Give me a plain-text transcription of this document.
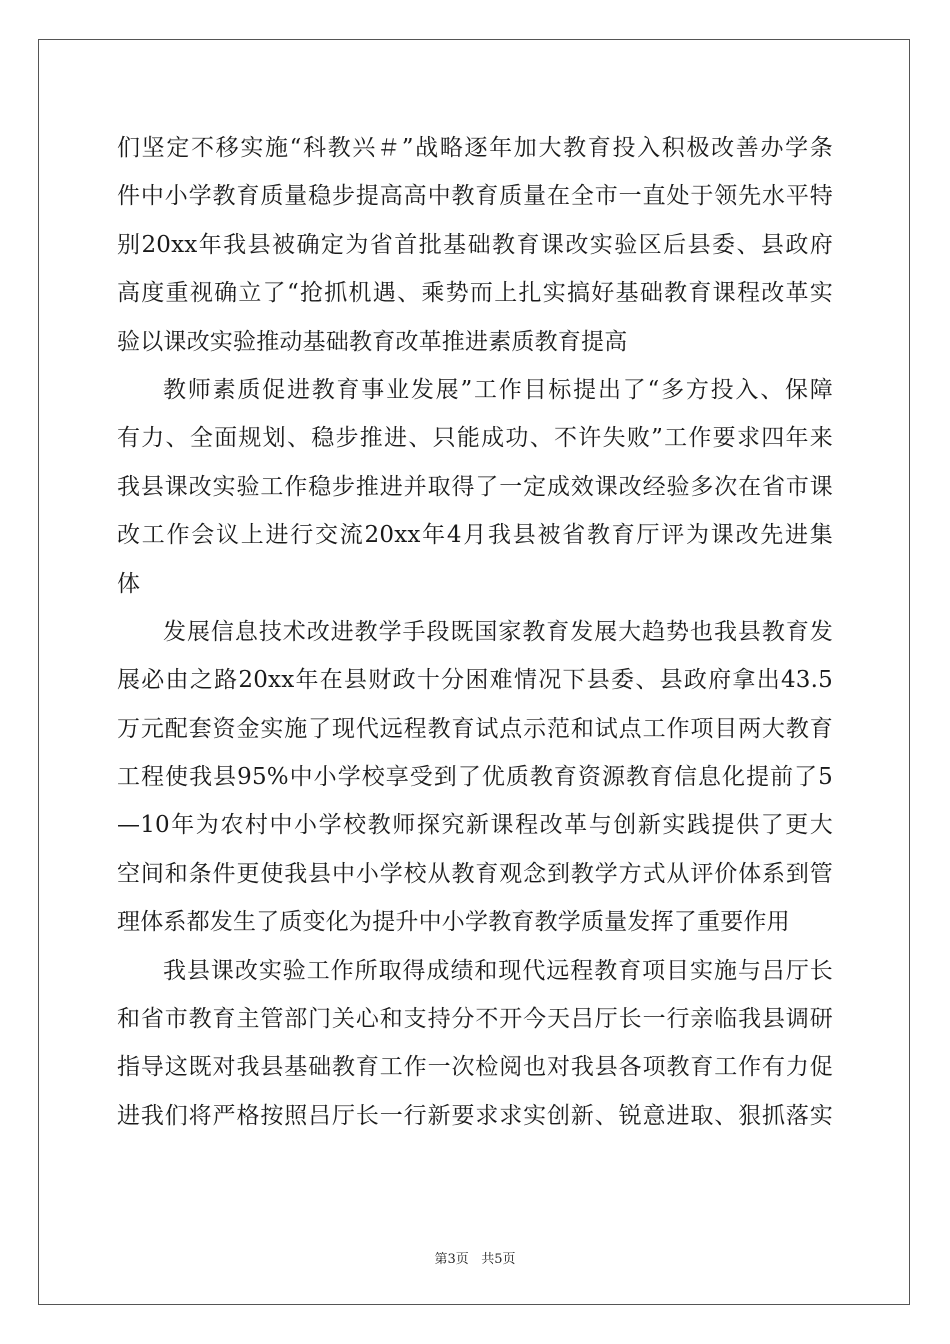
们坚定不移实施“科教兴＃”战略逐年加大教育投入积极改善办学条
件中小学教育质量稳步提高高中教育质量在全市一直处于领先水平特
别20xx年我县被确定为省首批基础教育课改实验区后县委、县政府
高度重视确立了“抢抓机遇、乘势而上扎实搞好基础教育课程改革实
验以课改实验推动基础教育改革推进素质教育提高
教师素质促进教育事业发展”工作目标提出了“多方投入、保障
有力、全面规划、稳步推进、只能成功、不许失败”工作要求四年来
我县课改实验工作稳步推进并取得了一定成效课改经验多次在省市课
改工作会议上进行交流20xx年4月我县被省教育厅评为课改先进集
体
发展信息技术改进教学手段既国家教育发展大趋势也我县教育发
展必由之路20xx年在县财政十分困难情况下县委、县政府拿出43.5
万元配套资金实施了现代远程教育试点示范和试点工作项目两大教育
工程使我县95%中小学校享受到了优质教育资源教育信息化提前了5
—10年为农村中小学校教师探究新课程改革与创新实践提供了更大
空间和条件更使我县中小学校从教育观念到教学方式从评价体系到管
理体系都发生了质变化为提升中小学教育教学质量发挥了重要作用
我县课改实验工作所取得成绩和现代远程教育项目实施与吕厅长
和省市教育主管部门关心和支持分不开今天吕厅长一行亲临我县调研
指导这既对我县基础教育工作一次检阅也对我县各项教育工作有力促
进我们将严格按照吕厅长一行新要求求实创新、锐意进取、狠抓落实
第3页 共5页
